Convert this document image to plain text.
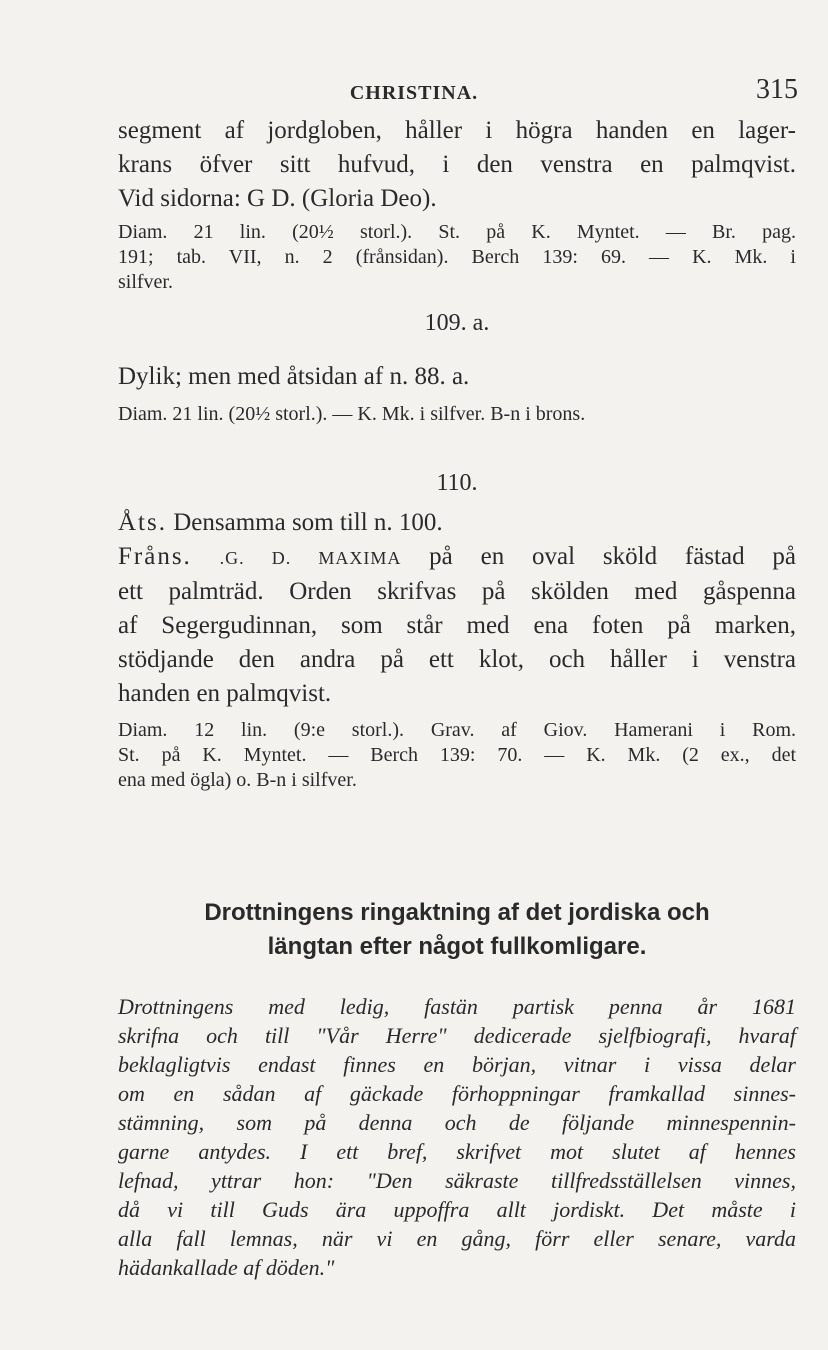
CHRISTINA.	315
segment af jordgloben, håller i högra handen en lager-
krans öfver sitt hufvud, i den venstra en palmqvist.
Vid sidorna: G D. (Gloria Deo).
Diam. 21 lin. (20½ storl.). St. på K. Myntet. — Br. pag.
191; tab. VII, n. 2 (frånsidan). Berch 139: 69. — K. Mk. i
silfver.
109. a.
Dylik; men med åtsidan af n. 88. a.
Diam. 21 lin. (20½ storl.). — K. Mk. i silfver. B-n i brons.
110.
Åts. Densamma som till n. 100.
Fråns. .G. D. MAXIMA på en oval sköld fästad på
ett palmträd. Orden skrifvas på skölden med gåspenna
af Segergudinnan, som står med ena foten på marken,
stödjande den andra på ett klot, och håller i venstra
handen en palmqvist.
Diam. 12 lin. (9:e storl.). Grav. af Giov. Hamerani i Rom.
St. på K. Myntet. — Berch 139: 70. — K. Mk. (2 ex., det
ena med ögla) o. B-n i silfver.
Drottningens ringaktning af det jordiska och
längtan efter något fullkomligare.
Drottningens med ledig, fastän partisk penna år 1681
skrifna och till "Vår Herre" dedicerade sjelfbiografi, hvaraf
beklagligtvis endast finnes en början, vitnar i vissa delar
om en sådan af gäckade förhoppningar framkallad sinnes-
stämning, som på denna och de följande minnespennin-
garne antydes. I ett bref, skrifvet mot slutet af hennes
lefnad, yttrar hon: "Den säkraste tillfredsställelsen vinnes,
då vi till Guds ära uppoffra allt jordiskt. Det måste i
alla fall lemnas, när vi en gång, förr eller senare, varda
hädankallade af döden."
